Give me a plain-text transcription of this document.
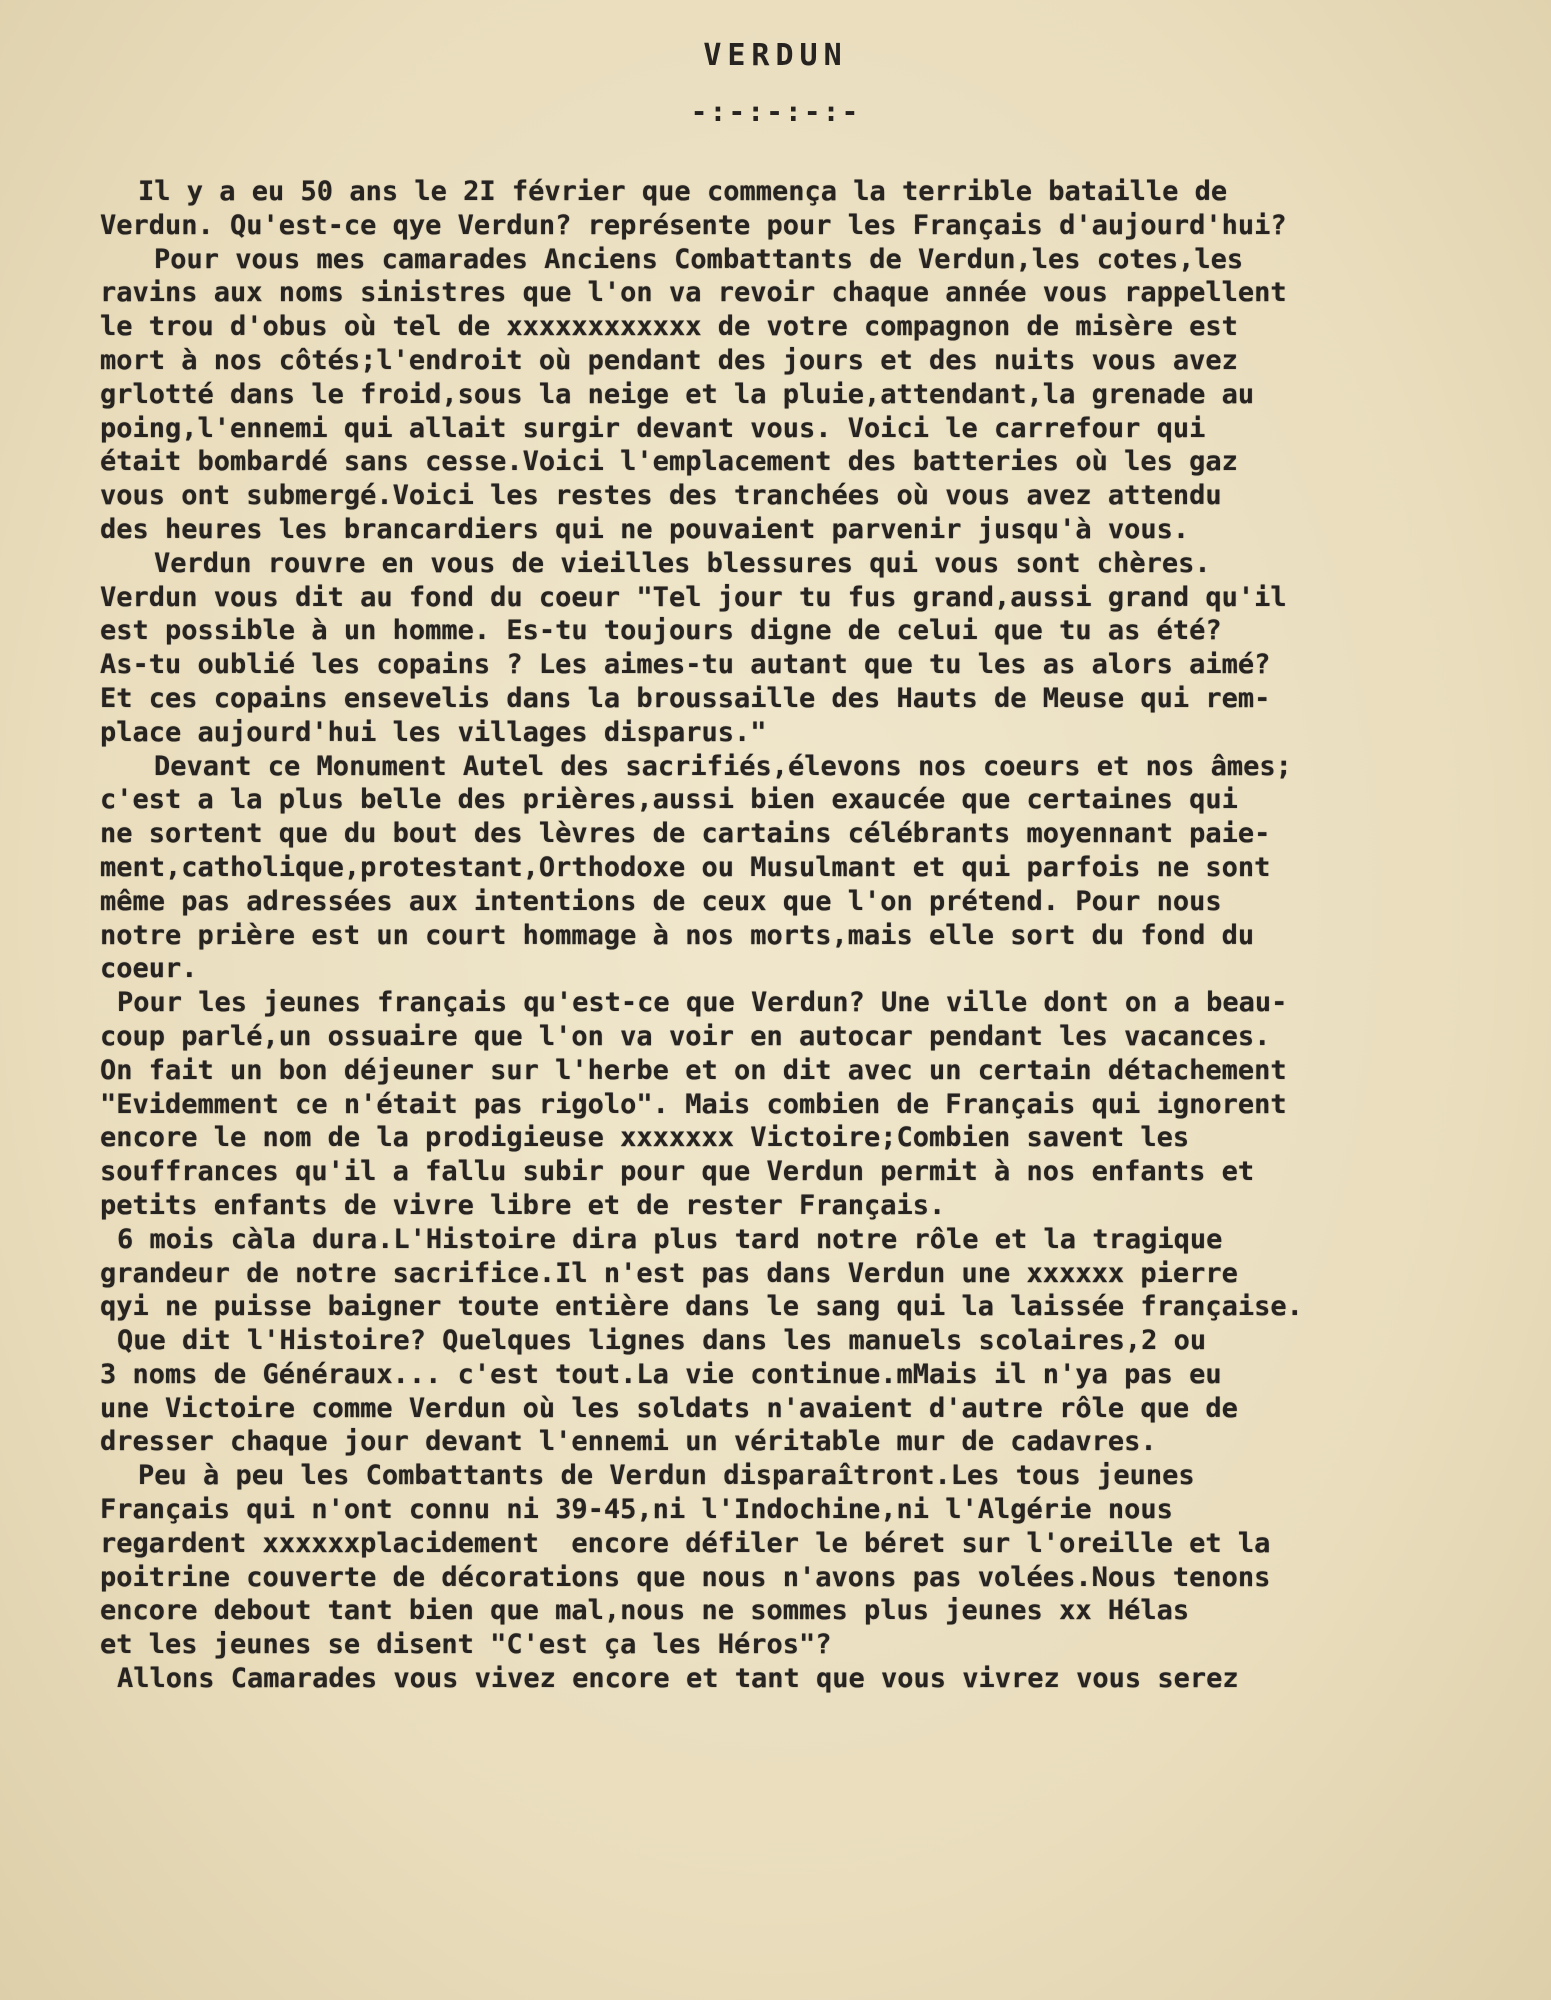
VERDUN
-:-:-:-:-
Il y a eu 50 ans le 2I février que commença la terrible bataille de
Verdun. Qu'est-ce qye Verdun? représente pour les Français d'aujourd'hui?
Pour vous mes camarades Anciens Combattants de Verdun,les cotes,les
ravins aux noms sinistres que l'on va revoir chaque année vous rappellent
le trou d'obus où tel de xxxxxxxxxxxx de votre compagnon de misère est
mort à nos côtés;l'endroit où pendant des jours et des nuits vous avez
grlotté dans le froid,sous la neige et la pluie,attendant,la grenade au
poing,l'ennemi qui allait surgir devant vous. Voici le carrefour qui
était bombardé sans cesse.Voici l'emplacement des batteries où les gaz
vous ont submergé.Voici les restes des tranchées où vous avez attendu
des heures les brancardiers qui ne pouvaient parvenir jusqu'à vous.
Verdun rouvre en vous de vieilles blessures qui vous sont chères.
Verdun vous dit au fond du coeur "Tel jour tu fus grand,aussi grand qu'il
est possible à un homme. Es-tu toujours digne de celui que tu as été?
As-tu oublié les copains ? Les aimes-tu autant que tu les as alors aimé?
Et ces copains ensevelis dans la broussaille des Hauts de Meuse qui rem-
place aujourd'hui les villages disparus."
Devant ce Monument Autel des sacrifiés,élevons nos coeurs et nos âmes;
c'est a la plus belle des prières,aussi bien exaucée que certaines qui
ne sortent que du bout des lèvres de cartains célébrants moyennant paie-
ment,catholique,protestant,Orthodoxe ou Musulmant et qui parfois ne sont
même pas adressées aux intentions de ceux que l'on prétend. Pour nous
notre prière est un court hommage à nos morts,mais elle sort du fond du
coeur.
Pour les jeunes français qu'est-ce que Verdun? Une ville dont on a beau-
coup parlé,un ossuaire que l'on va voir en autocar pendant les vacances.
On fait un bon déjeuner sur l'herbe et on dit avec un certain détachement
"Evidemment ce n'était pas rigolo". Mais combien de Français qui ignorent
encore le nom de la prodigieuse xxxxxxx Victoire;Combien savent les
souffrances qu'il a fallu subir pour que Verdun permit à nos enfants et
petits enfants de vivre libre et de rester Français.
6 mois càla dura.L'Histoire dira plus tard notre rôle et la tragique
grandeur de notre sacrifice.Il n'est pas dans Verdun une xxxxxx pierre
qyi ne puisse baigner toute entière dans le sang qui la laissée française.
Que dit l'Histoire? Quelques lignes dans les manuels scolaires,2 ou
3 noms de Généraux... c'est tout.La vie continue.mMais il n'ya pas eu
une Victoire comme Verdun où les soldats n'avaient d'autre rôle que de
dresser chaque jour devant l'ennemi un véritable mur de cadavres.
Peu à peu les Combattants de Verdun disparaîtront.Les tous jeunes
Français qui n'ont connu ni 39-45,ni l'Indochine,ni l'Algérie nous
regardent xxxxxxplacidement  encore défiler le béret sur l'oreille et la
poitrine couverte de décorations que nous n'avons pas volées.Nous tenons
encore debout tant bien que mal,nous ne sommes plus jeunes xx Hélas
et les jeunes se disent "C'est ça les Héros"?
Allons Camarades vous vivez encore et tant que vous vivrez vous serez
